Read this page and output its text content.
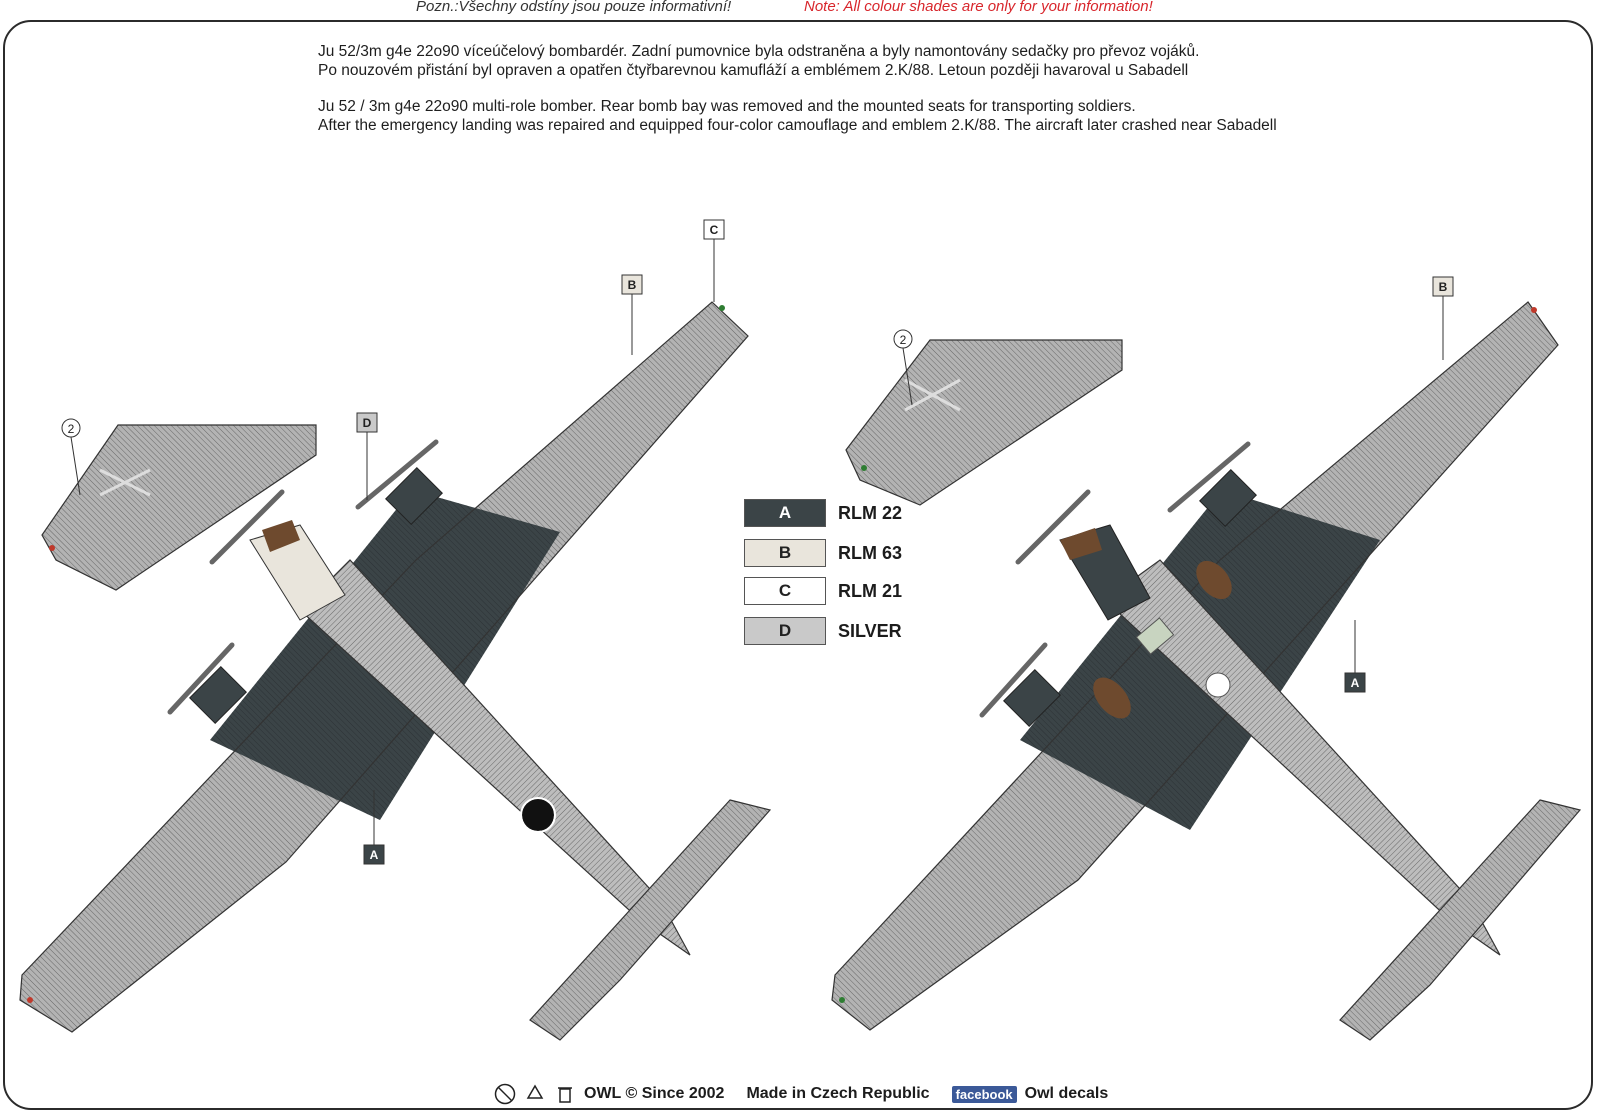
Pozn.:Všechny odstíny jsou pouze informativní!	Note: All colour shades are only for your information!
Ju 52/3m g4e 22o90 víceúčelový bombardér. Zadní pumovnice byla odstraněna a byly namontovány sedačky pro převoz vojáků.
Po nouzovém přistání byl opraven a opatřen čtyřbarevnou kamufláží a emblémem 2.K/88. Letoun později havaroval u Sabadell
Ju 52 / 3m g4e 22o90 multi-role bomber. Rear bomb bay was removed and the mounted seats for transporting soldiers.
After the emergency landing was repaired and equipped four-color camouflage and emblem 2.K/88. The aircraft later crashed near Sabadell
C
B
D
A
2
B
A
2
A	RLM 22
B	RLM 63
C	RLM 21
D	SILVER
OWL © Since 2002 Made in Czech Republic	facebook Owl decals
